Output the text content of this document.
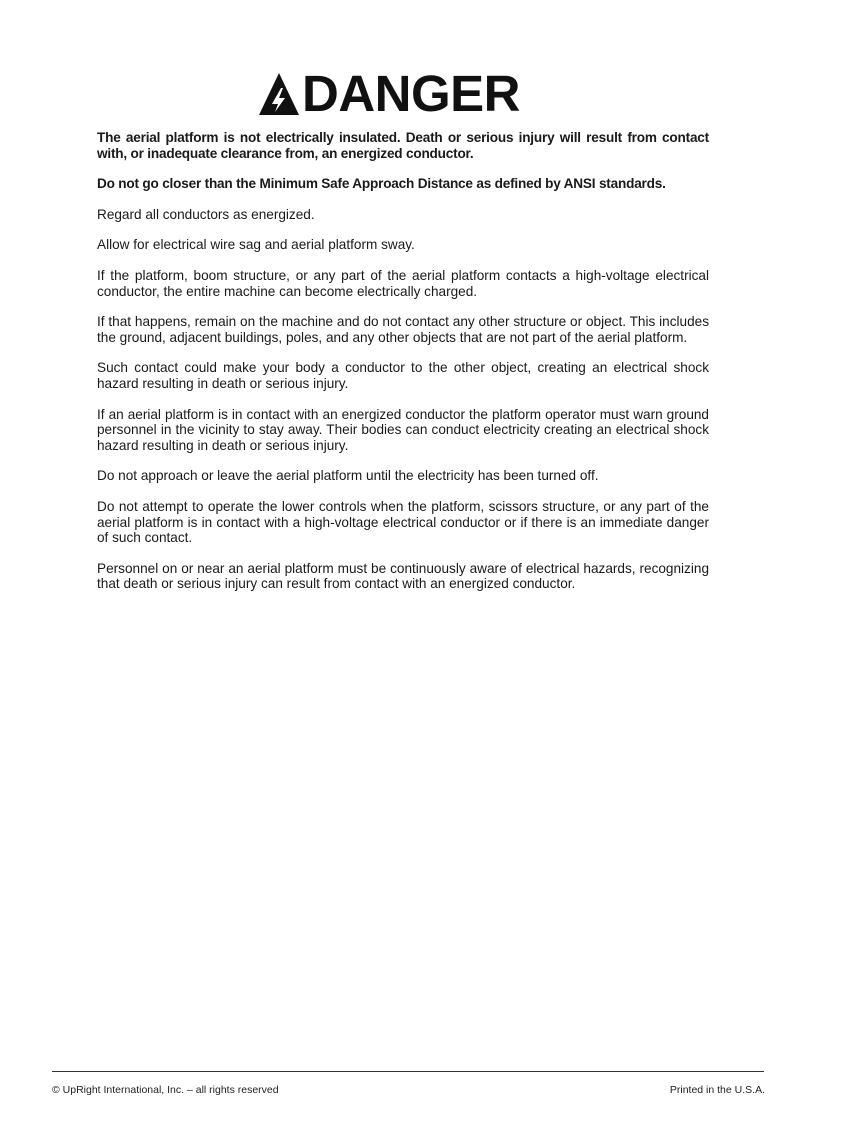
DANGER

The aerial platform is not electrically insulated. Death or serious injury will result from contact with, or inadequate clearance from, an energized conductor.

Do not go closer than the Minimum Safe Approach Distance as defined by ANSI standards.

Regard all conductors as energized.

Allow for electrical wire sag and aerial platform sway.

If the platform, boom structure, or any part of the aerial platform contacts a high-voltage electrical conductor, the entire machine can become electrically charged.

If that happens, remain on the machine and do not contact any other structure or object. This includes the ground, adjacent buildings, poles, and any other objects that are not part of the aerial platform.

Such contact could make your body a conductor to the other object, creating an electrical shock hazard resulting in death or serious injury.

If an aerial platform is in contact with an energized conductor the platform operator must warn ground personnel in the vicinity to stay away. Their bodies can conduct electricity creating an electrical shock hazard resulting in death or serious injury.

Do not approach or leave the aerial platform until the electricity has been turned off.

Do not attempt to operate the lower controls when the platform, scissors structure, or any part of the aerial platform is in contact with a high-voltage electrical conductor or if there is an immediate danger of such contact.

Personnel on or near an aerial platform must be continuously aware of electrical hazards, recognizing that death or serious injury can result from contact with an energized conductor.

© UpRight International, Inc. – all rights reserved	Printed in the U.S.A.
